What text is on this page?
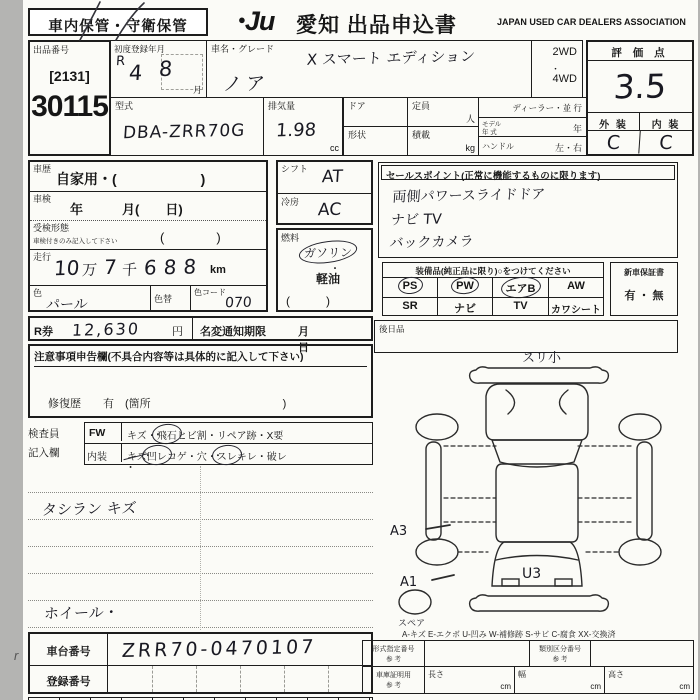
車内保管・守衛保管	●Ju 愛知 出品申込書	JAPAN USED CAR DEALERS ASSOCIATION
出品番号
[2131]
30115
初度登録年月
R 4 8
月
車名・グレード X スマート エディション
ノア
2WD
・
4WD
評 価 点
3.5
外 装	内 装
C	C
型式
DBA-ZRR70G
排気量
1.98
cc
ドア
形状
定員
人
積載
kg
ディーラー・並 行
モデル
年 式	年
ハンドル	左・右
車歴
自家用・(　　　　　　)
車検
年　　　月(　　日)
受検形態
車検付きのみ記入して下さい	(　　　　)
走行 10 万 7 千 688 km
色
パール	色替
色コード
070
シフト AT
冷房 AC
燃料
ガソリン
・
軽油
(　　　)
R券 12,630	円 名変通知期限	月　　日
注意事項申告欄(不具合内容等は具体的に記入して下さい)
修復歴　　有　(箇所　　　　　　　　　　　　)
検査員
記入欄
FW	キズ ・ 飛石 ・ヒビ割 ・ リペア跡 ・ X要
内装	キズ ・凹レ ・コゲ ・ 穴 ・ スレ ・キレ ・ 破レ
タシラン キズ
ホイール・
車台番号	ZRR70-0470107
登録番号
r
セールスポイント(正常に機能するものに限ります)
両側パワースライドドア
ナビ TV
バックカメラ
装備品(純正品に限り)○をつけてください
PS	PW	エアB	AW
SR	ナビ	TV	カワシート
新車保証書
有 ・ 無
後日品
スリ小
A3
A1
U3
スペア
A-キズ E-エクボ U-凹み W-補修跡 S-サビ C-腐食 XX-交換済
形式指定番号
参 考
類別区分番号
参 考
車庫証明用
参 考
長さ
cm
幅
cm
高さ
cm
